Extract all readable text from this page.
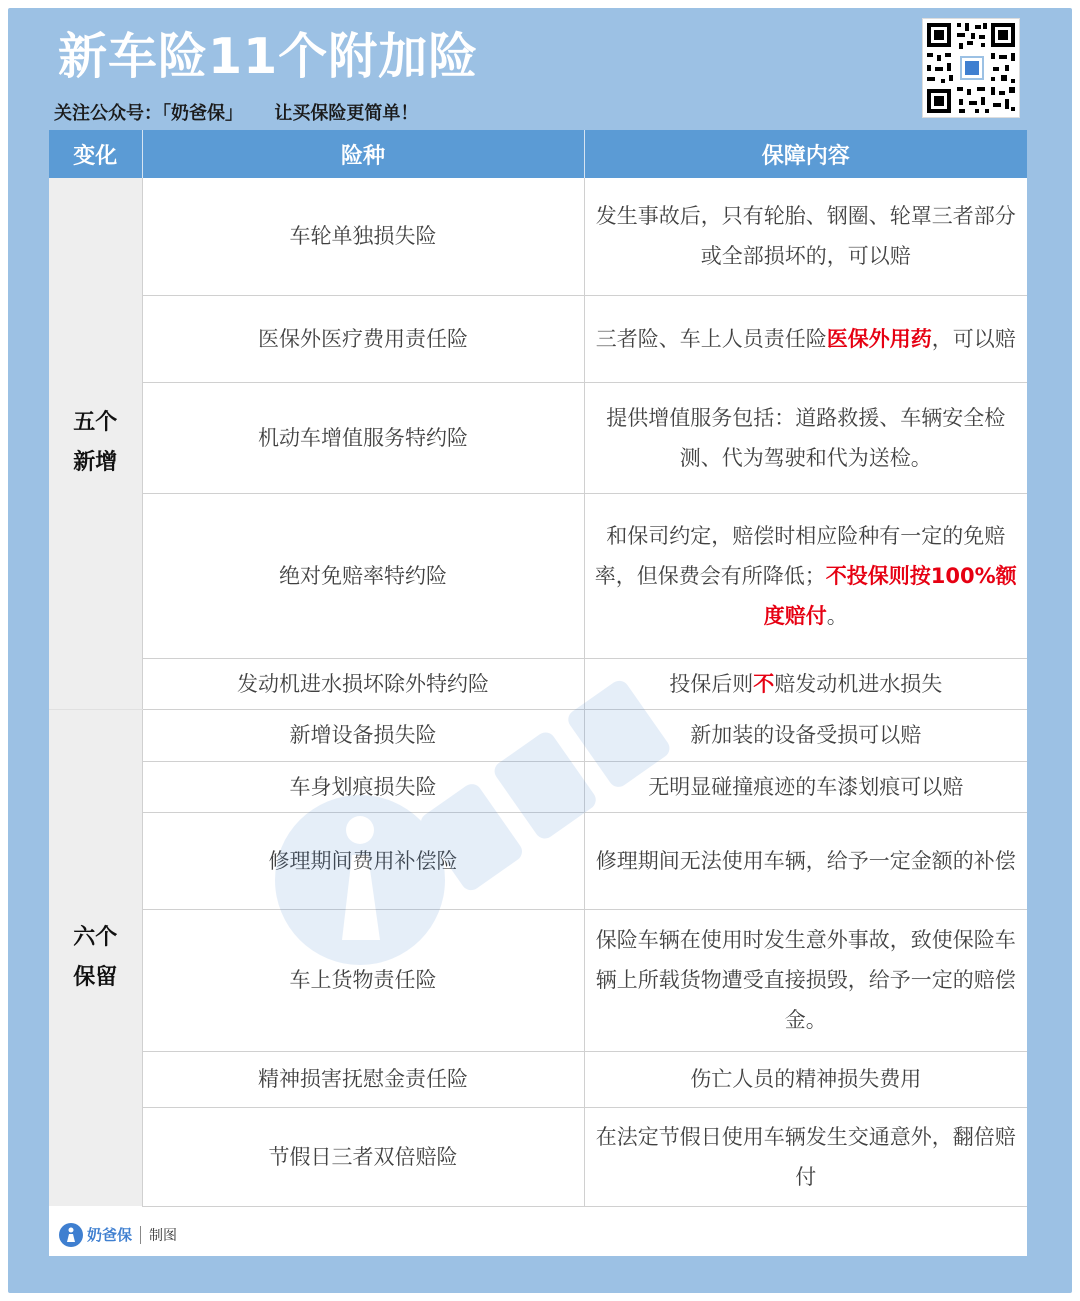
新车险11个附加险
关注公众号：「奶爸保」     让买保险更简单！
变化	险种	保障内容
五个
新增	车轮单独损失险	发生事故后，只有轮胎、钢圈、轮罩三者部分或全部损坏的，可以赔
	医保外医疗费用责任险	三者险、车上人员责任险医保外用药，可以赔
	机动车增值服务特约险	提供增值服务包括：道路救援、车辆安全检测、代为驾驶和代为送检。
	绝对免赔率特约险	和保司约定，赔偿时相应险种有一定的免赔率，但保费会有所降低；不投保则按100%额度赔付。
	发动机进水损坏除外特约险	投保后则不赔发动机进水损失
六个
保留	新增设备损失险	新加装的设备受损可以赔
	车身划痕损失险	无明显碰撞痕迹的车漆划痕可以赔
	修理期间费用补偿险	修理期间无法使用车辆，给予一定金额的补偿
	车上货物责任险	保险车辆在使用时发生意外事故，致使保险车辆上所载货物遭受直接损毁，给予一定的赔偿金。
	精神损害抚慰金责任险	伤亡人员的精神损失费用
	节假日三者双倍赔险	在法定节假日使用车辆发生交通意外，翻倍赔付
奶爸保 制图
